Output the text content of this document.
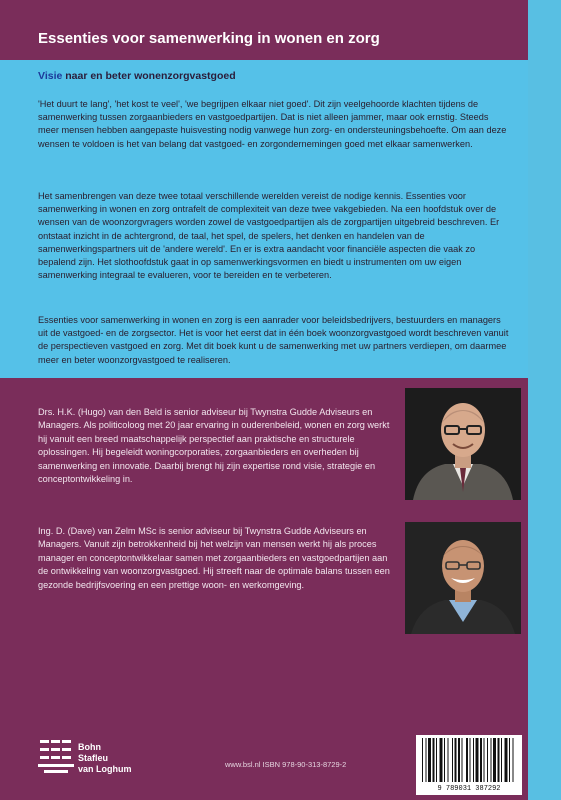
Essenties voor samenwerking in wonen en zorg
Visie naar en beter wonenzorgvastgoed

'Het duurt te lang', 'het kost te veel', 'we begrijpen elkaar niet goed'. Dit zijn veelgehoorde klachten tijdens de samenwerking tussen zorgaanbieders en vastgoedpartijen. Dat is niet alleen jammer, maar ook ernstig. Steeds meer mensen hebben aangepaste huisvesting nodig vanwege hun zorg- en ondersteuningsbehoefte. Om aan deze wensen te voldoen is het van belang dat vastgoed- en zorgondernemingen goed met elkaar samenwerken.

Het samenbrengen van deze twee totaal verschillende werelden vereist de nodige kennis. Essenties voor samenwerking in wonen en zorg ontrafelt de complexiteit van deze twee vakgebieden. Na een hoofdstuk over de wensen van de woonzorgvragers worden zowel de vastgoedpartijen als de zorgpartijen uitgebreid beschreven. Er ontstaat inzicht in de achtergrond, de taal, het spel, de spelers, het denken en handelen van de samenwerkingspartners uit de 'andere wereld'. En er is extra aandacht voor financiële aspecten die vaak zo bepalend zijn. Het slothoofdstuk gaat in op samenwerkingsvormen en biedt u instrumenten om uw eigen samenwerking integraal te evalueren, voor te bereiden en te verbeteren.

Essenties voor samenwerking in wonen en zorg is een aanrader voor beleidsbedrijvers, bestuurders en managers uit de vastgoed- en de zorgsector. Het is voor het eerst dat in één boek woonzorgvastgoed wordt beschreven vanuit de perspectieven vastgoed en zorg. Met dit boek kunt u de samenwerking met uw partners verdiepen, om daarmee meer en beter woonzorgvastgoed te realiseren.

Drs. H.K. (Hugo) van den Beld is senior adviseur bij Twynstra Gudde Adviseurs en Managers. Als politicoloog met 20 jaar ervaring in ouderenbeleid, wonen en zorg werkt hij vanuit een breed maatschappelijk perspectief aan praktische en structurele oplossingen. Hij begeleidt woningcorporaties, zorgaanbieders en overheden bij samenwerking en innovatie. Daarbij brengt hij zijn expertise rond visie, strategie en conceptontwikkeling in.

Ing. D. (Dave) van Zelm MSc is senior adviseur bij Twynstra Gudde Adviseurs en Managers. Vanuit zijn betrokkenheid bij het welzijn van mensen werkt hij als proces manager en conceptontwikkelaar samen met zorgaanbieders en vastgoedpartijen aan de ontwikkeling van woonzorgvastgoed. Hij streeft naar de optimale balans tussen een gezonde bedrijfsvoering en een prettige woon- en werkomgeving.

Bohn
Stafleu
van Loghum	www.bsl.nl ISBN 978-90-313-8729-2
9 789031 387292
